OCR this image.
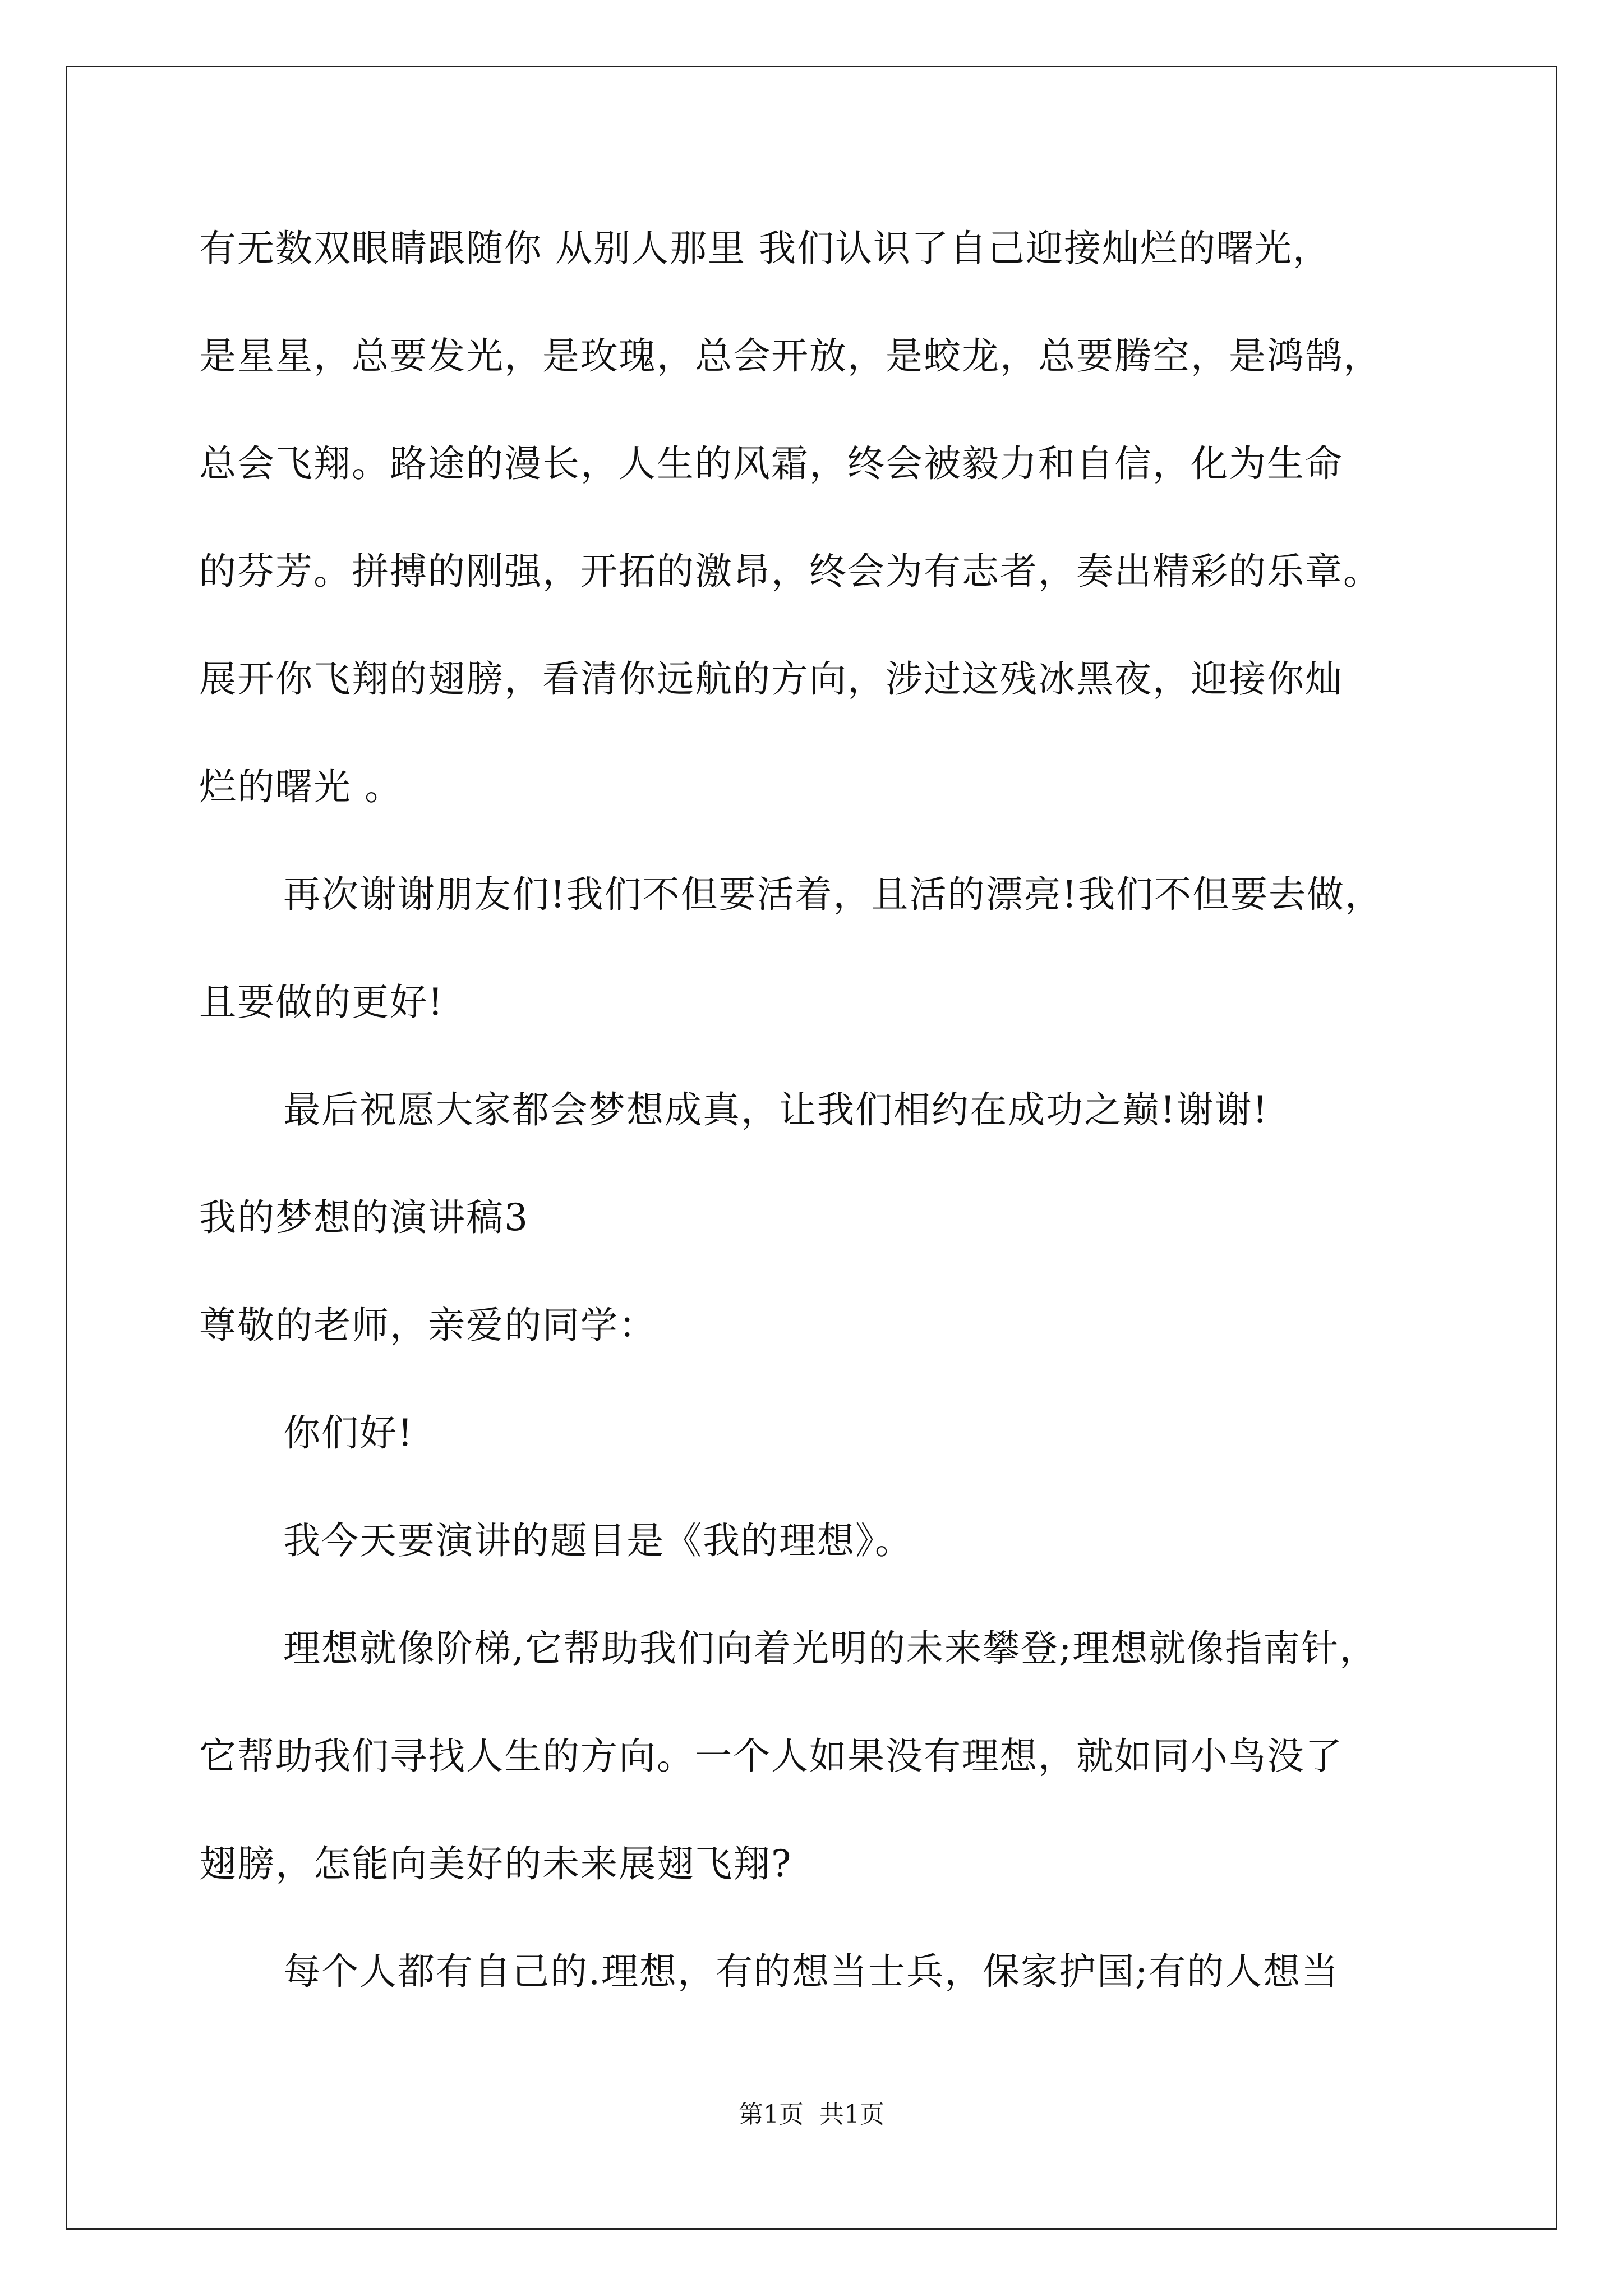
有无数双眼睛跟随你 从别人那里 我们认识了自己迎接灿烂的曙光，
是星星，总要发光，是玫瑰，总会开放，是蛟龙，总要腾空，是鸿鹄，
总会飞翔。路途的漫长，人生的风霜，终会被毅力和自信，化为生命
的芬芳。拼搏的刚强，开拓的激昂，终会为有志者，奏出精彩的乐章。
展开你飞翔的翅膀，看清你远航的方向，涉过这残冰黑夜，迎接你灿
烂的曙光 。
再次谢谢朋友们!我们不但要活着，且活的漂亮!我们不但要去做，
且要做的更好!
最后祝愿大家都会梦想成真，让我们相约在成功之巅!谢谢!
我的梦想的演讲稿3
尊敬的老师，亲爱的同学：
你们好!
我今天要演讲的题目是《我的理想》。
理想就像阶梯,它帮助我们向着光明的未来攀登;理想就像指南针，
它帮助我们寻找人生的方向。一个人如果没有理想，就如同小鸟没了
翅膀，怎能向美好的未来展翅飞翔?
每个人都有自己的.理想，有的想当士兵，保家护国;有的人想当
第1页  共1页
